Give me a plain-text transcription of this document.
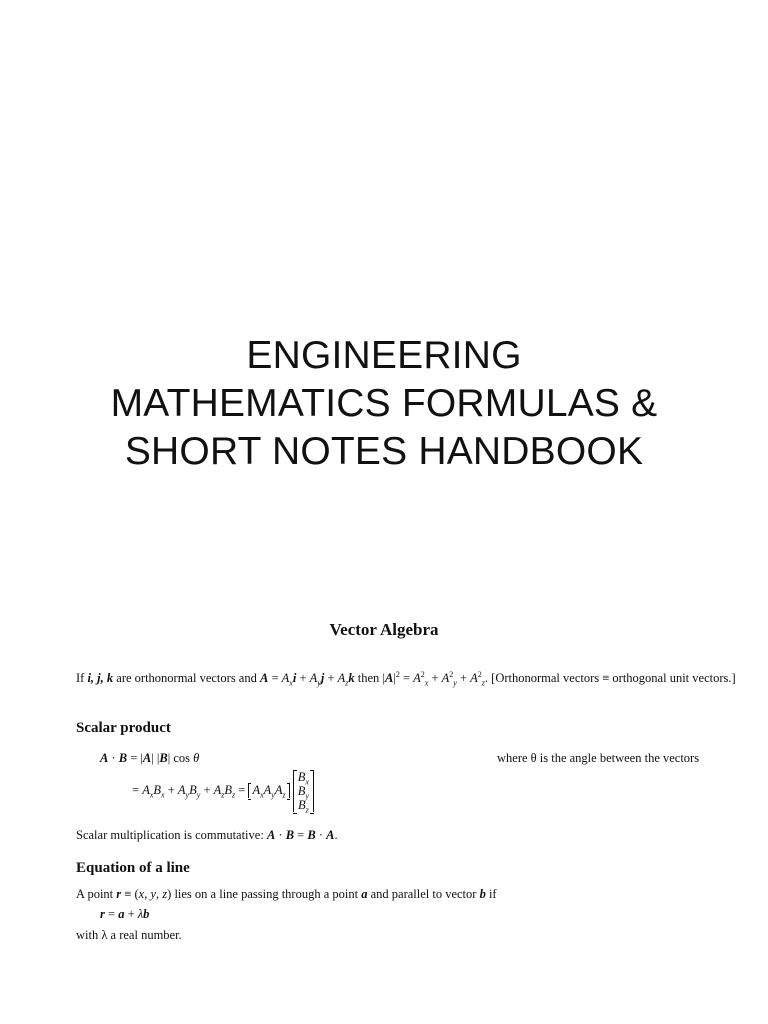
ENGINEERING
MATHEMATICS FORMULAS &
SHORT NOTES HANDBOOK
Vector Algebra
If i, j, k are orthonormal vectors and $A = A_xi + A_yj + A_zk$ then $|A|^2 = A^2_x + A^2_y + A^2_z$. [Orthonormal vectors ≡ orthogonal unit vectors.]
Scalar product
A · B = |A| |B| cos θ	where θ is the angle between the vectors
= $A_xB_x + A_yB_y + A_zB_z = A_xA_yA_z$ $B_x$
$B_y$
$B_z$
Scalar multiplication is commutative: A · B = B · A.
Equation of a line
A point r ≡ (x, y, z) lies on a line passing through a point a and parallel to vector b if
r = a + λb
with λ a real number.
